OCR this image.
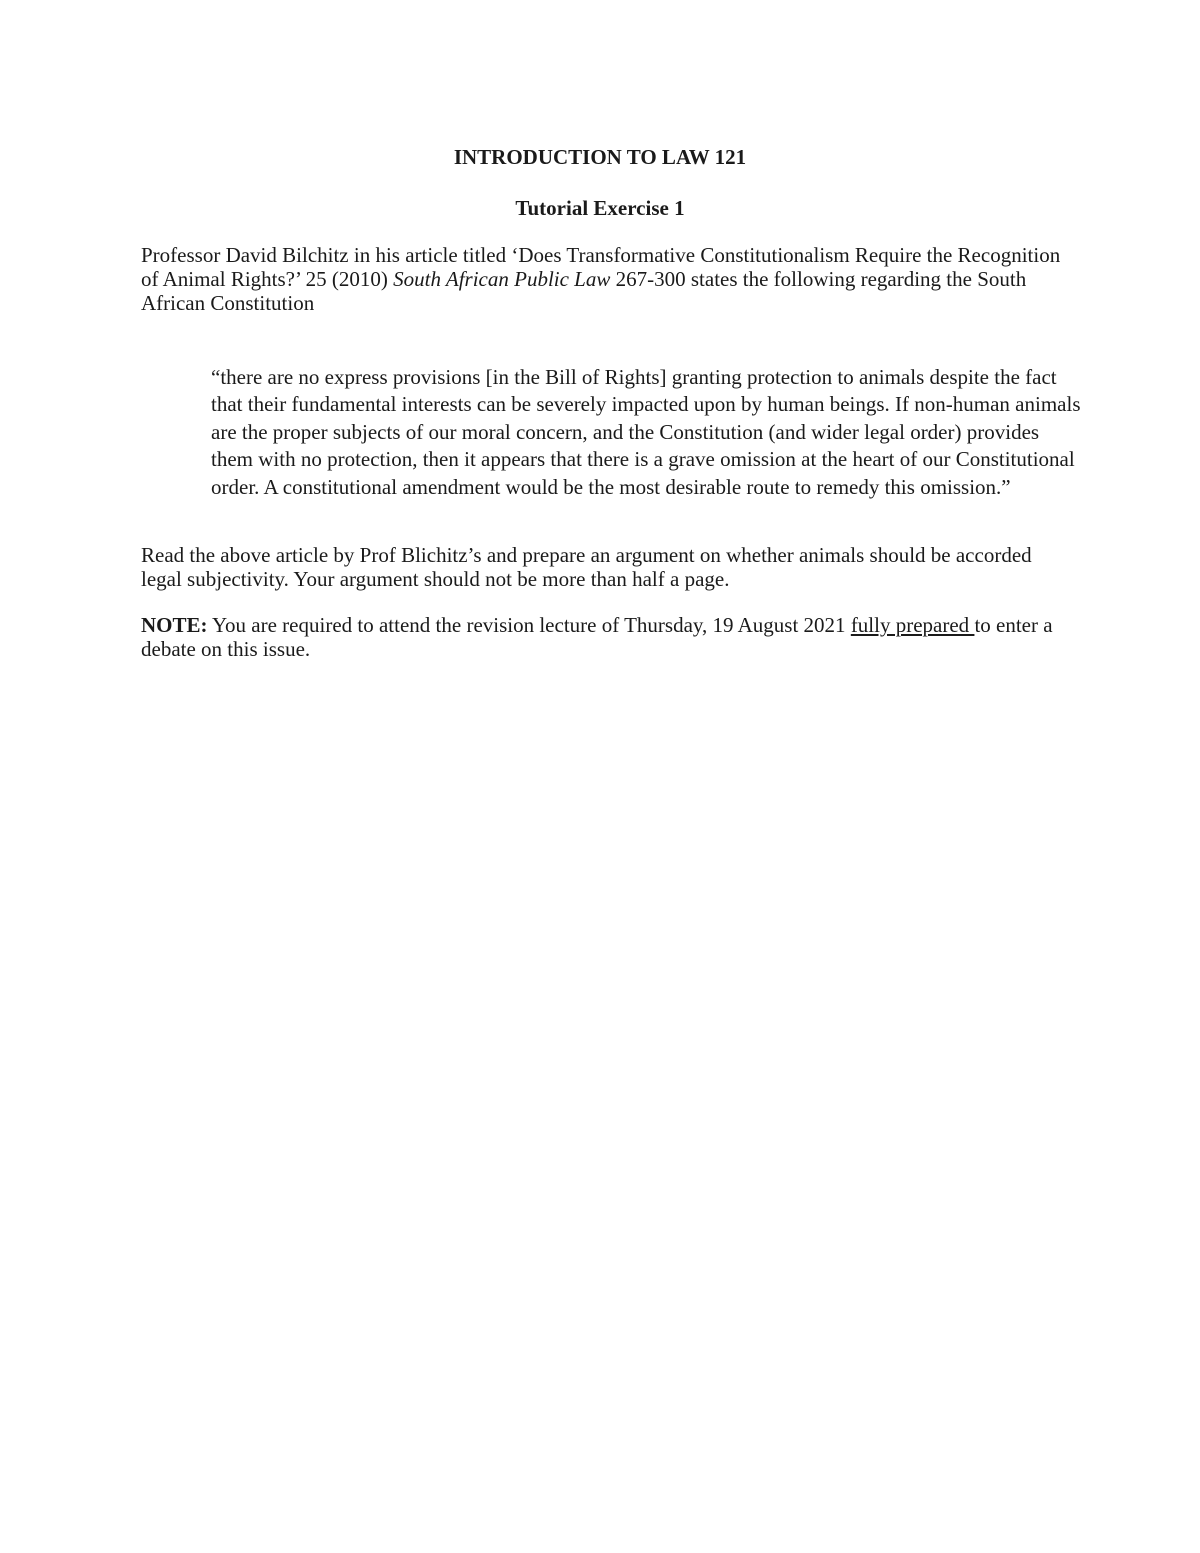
INTRODUCTION TO LAW 121
Tutorial Exercise 1

Professor David Bilchitz in his article titled ‘Does Transformative Constitutionalism Require the Recognition of Animal Rights?’ 25 (2010) South African Public Law 267-300 states the following regarding the South African Constitution

“there are no express provisions [in the Bill of Rights] granting protection to animals despite the fact that their fundamental interests can be severely impacted upon by human beings. If non-human animals are the proper subjects of our moral concern, and the Constitution (and wider legal order) provides them with no protection, then it appears that there is a grave omission at the heart of our Constitutional order. A constitutional amendment would be the most desirable route to remedy this omission.”

Read the above article by Prof Blichitz’s and prepare an argument on whether animals should be accorded legal subjectivity. Your argument should not be more than half a page.

NOTE: You are required to attend the revision lecture of Thursday, 19 August 2021 fully prepared to enter a debate on this issue.
